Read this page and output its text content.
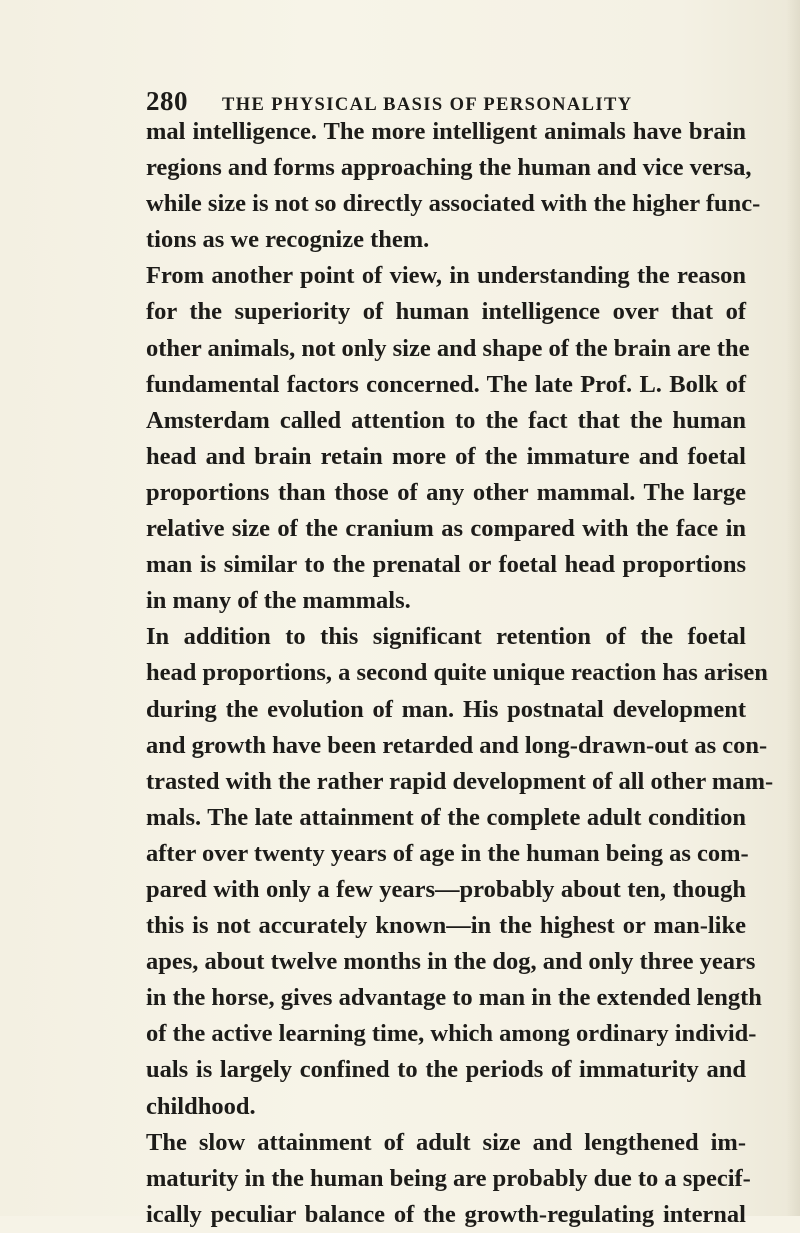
280 THE PHYSICAL BASIS OF PERSONALITY
mal intelligence. The more intelligent animals have brain
regions and forms approaching the human and vice versa,
while size is not so directly associated with the higher func-
tions as we recognize them.
From another point of view, in understanding the reason
for the superiority of human intelligence over that of
other animals, not only size and shape of the brain are the
fundamental factors concerned. The late Prof. L. Bolk of
Amsterdam called attention to the fact that the human
head and brain retain more of the immature and foetal
proportions than those of any other mammal. The large
relative size of the cranium as compared with the face in
man is similar to the prenatal or foetal head proportions
in many of the mammals.
In addition to this significant retention of the foetal
head proportions, a second quite unique reaction has arisen
during the evolution of man. His postnatal development
and growth have been retarded and long-drawn-out as con-
trasted with the rather rapid development of all other mam-
mals. The late attainment of the complete adult condition
after over twenty years of age in the human being as com-
pared with only a few years—probably about ten, though
this is not accurately known—in the highest or man-like
apes, about twelve months in the dog, and only three years
in the horse, gives advantage to man in the extended length
of the active learning time, which among ordinary individ-
uals is largely confined to the periods of immaturity and
childhood.
The slow attainment of adult size and lengthened im-
maturity in the human being are probably due to a specif-
ically peculiar balance of the growth-regulating internal
